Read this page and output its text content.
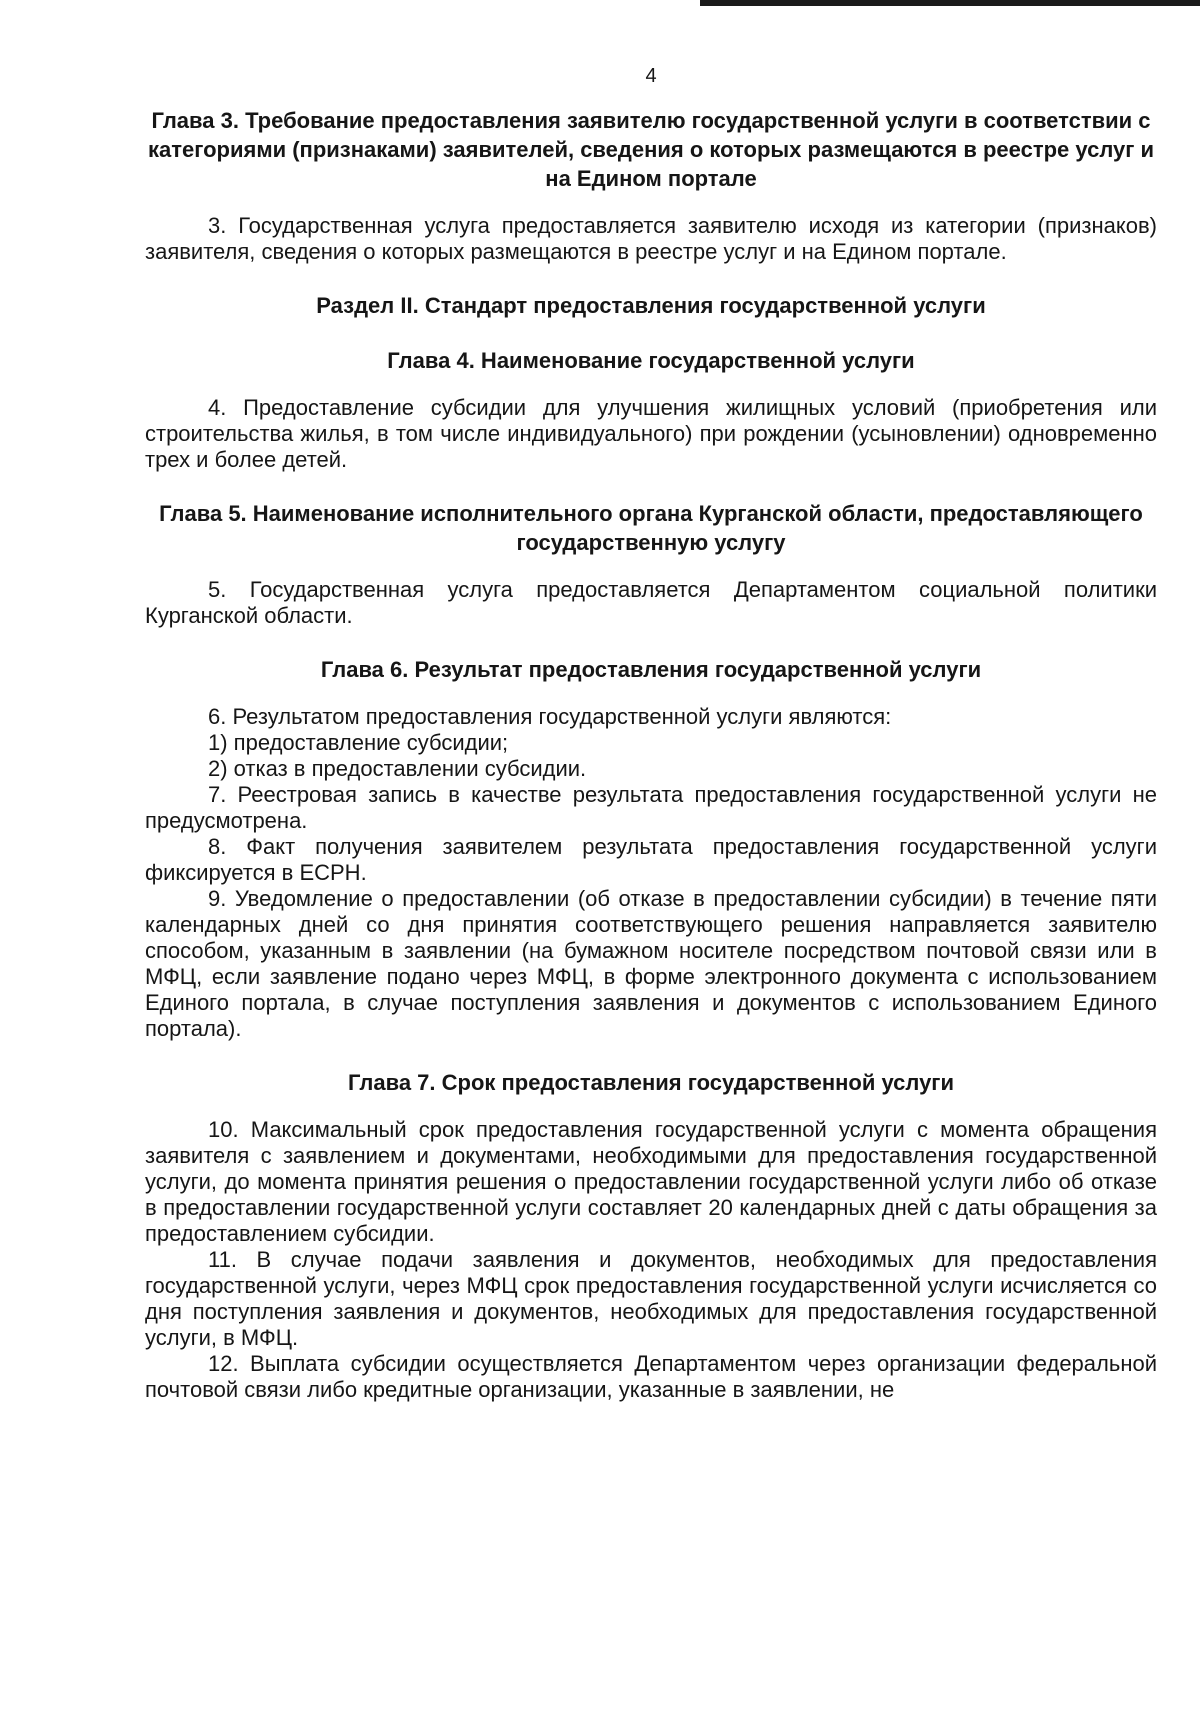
4
Глава 3. Требование предоставления заявителю государственной услуги в соответствии с категориями (признаками) заявителей, сведения о которых размещаются в реестре услуг и на Едином портале

3. Государственная услуга предоставляется заявителю исходя из категории (признаков) заявителя, сведения о которых размещаются в реестре услуг и на Едином портале.

Раздел II. Стандарт предоставления государственной услуги
Глава 4. Наименование государственной услуги

4. Предоставление субсидии для улучшения жилищных условий (приобретения или строительства жилья, в том числе индивидуального) при рождении (усыновлении) одновременно трех и более детей.

Глава 5. Наименование исполнительного органа Курганской области, предоставляющего государственную услугу

5. Государственная услуга предоставляется Департаментом социальной политики Курганской области.

Глава 6. Результат предоставления государственной услуги

6. Результатом предоставления государственной услуги являются:

1) предоставление субсидии;

2) отказ в предоставлении субсидии.

7. Реестровая запись в качестве результата предоставления государственной услуги не предусмотрена.

8. Факт получения заявителем результата предоставления государственной услуги фиксируется в ЕСРН.

9. Уведомление о предоставлении (об отказе в предоставлении субсидии) в течение пяти календарных дней со дня принятия соответствующего решения направляется заявителю способом, указанным в заявлении (на бумажном носителе посредством почтовой связи или в МФЦ, если заявление подано через МФЦ, в форме электронного документа с использованием Единого портала, в случае поступления заявления и документов с использованием Единого портала).

Глава 7. Срок предоставления государственной услуги

10. Максимальный срок предоставления государственной услуги с момента обращения заявителя с заявлением и документами, необходимыми для предоставления государственной услуги, до момента принятия решения о предоставлении государственной услуги либо об отказе в предоставлении государственной услуги составляет 20 календарных дней с даты обращения за предоставлением субсидии.

11. В случае подачи заявления и документов, необходимых для предоставления государственной услуги, через МФЦ срок предоставления государственной услуги исчисляется со дня поступления заявления и документов, необходимых для предоставления государственной услуги, в МФЦ.

12. Выплата субсидии осуществляется Департаментом через организации федеральной почтовой связи либо кредитные организации, указанные в заявлении, не
